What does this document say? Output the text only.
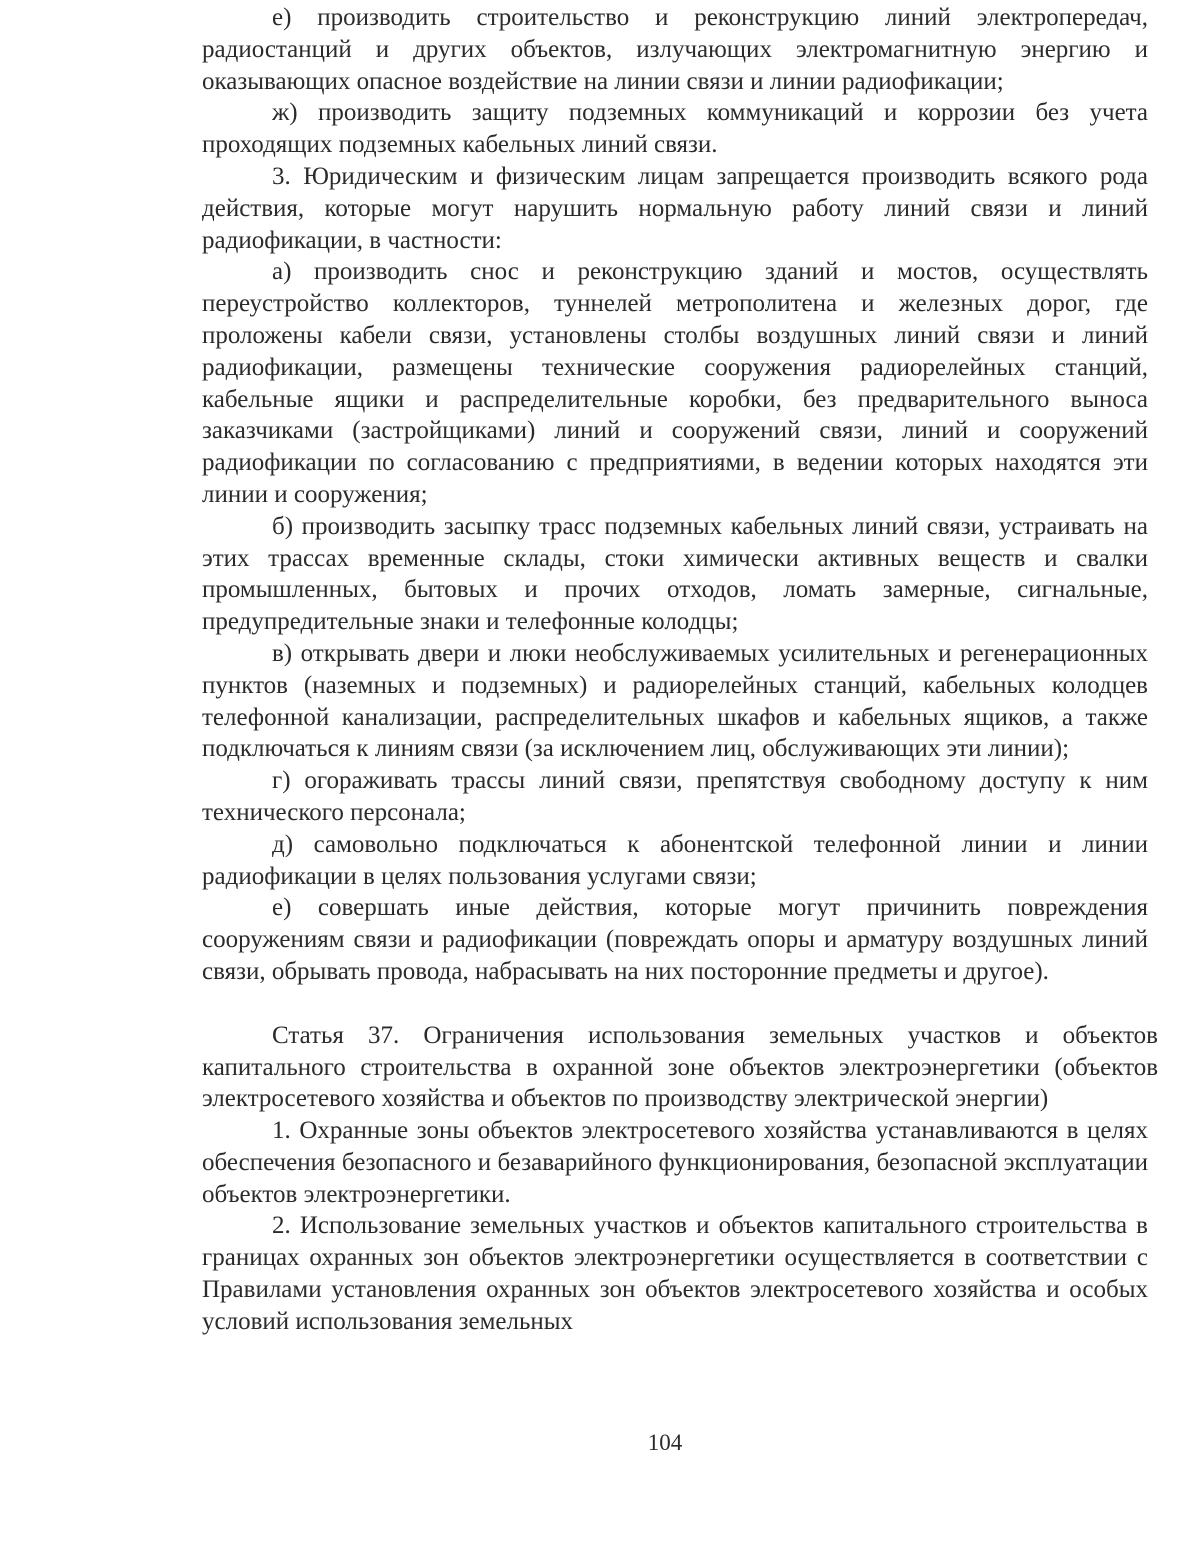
е) производить строительство и реконструкцию линий электропередач, радиостанций и других объектов, излучающих электромагнитную энергию и оказывающих опасное воздействие на линии связи и линии радиофикации;

ж) производить защиту подземных коммуникаций и коррозии без учета проходящих подземных кабельных линий связи.

3. Юридическим и физическим лицам запрещается производить всякого рода действия, которые могут нарушить нормальную работу линий связи и линий радиофикации, в частности:

а) производить снос и реконструкцию зданий и мостов, осуществлять переустройство коллекторов, туннелей метрополитена и железных дорог, где проложены кабели связи, установлены столбы воздушных линий связи и линий радиофикации, размещены технические сооружения радиорелейных станций, кабельные ящики и распределительные коробки, без предварительного выноса заказчиками (застройщиками) линий и сооружений связи, линий и сооружений радиофикации по согласованию с предприятиями, в ведении которых находятся эти линии и сооружения;

б) производить засыпку трасс подземных кабельных линий связи, устраивать на этих трассах временные склады, стоки химически активных веществ и свалки промышленных, бытовых и прочих отходов, ломать замерные, сигнальные, предупредительные знаки и телефонные колодцы;

в) открывать двери и люки необслуживаемых усилительных и регенерационных пунктов (наземных и подземных) и радиорелейных станций, кабельных колодцев телефонной канализации, распределительных шкафов и кабельных ящиков, а также подключаться к линиям связи (за исключением лиц, обслуживающих эти линии);

г) огораживать трассы линий связи, препятствуя свободному доступу к ним технического персонала;

д) самовольно подключаться к абонентской телефонной линии и линии радиофикации в целях пользования услугами связи;

е) совершать иные действия, которые могут причинить повреждения сооружениям связи и радиофикации (повреждать опоры и арматуру воздушных линий связи, обрывать провода, набрасывать на них посторонние предметы и другое).

Статья 37. Ограничения использования земельных участков и объектов капитального строительства в охранной зоне объектов электроэнергетики (объектов электросетевого хозяйства и объектов по производству электрической энергии)

1. Охранные зоны объектов электросетевого хозяйства устанавливаются в целях обеспечения безопасного и безаварийного функционирования, безопасной эксплуатации объектов электроэнергетики.

2. Использование земельных участков и объектов капитального строительства в границах охранных зон объектов электроэнергетики осуществляется в соответствии с Правилами установления охранных зон объектов электросетевого хозяйства и особых условий использования земельных

104
